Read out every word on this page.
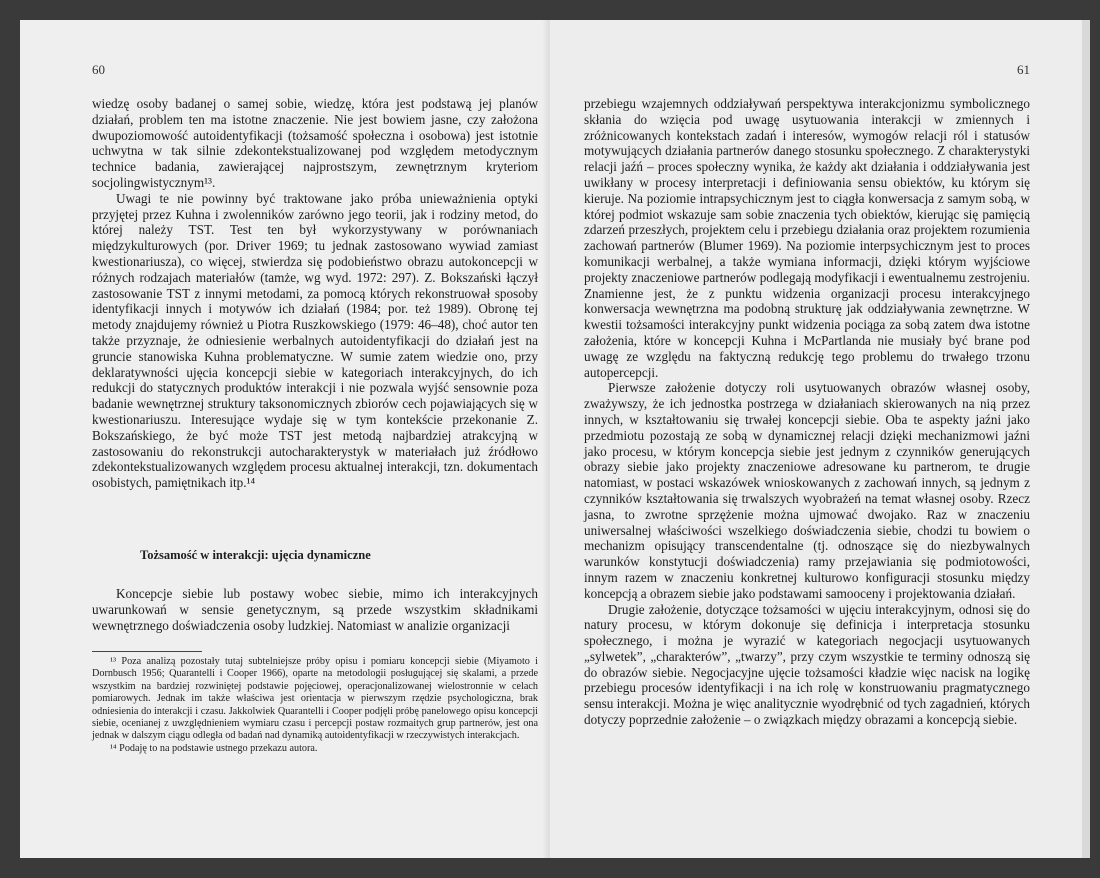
60

wiedzę osoby badanej o samej sobie, wiedzę, która jest podstawą jej planów działań, problem ten ma istotne znaczenie. Nie jest bowiem jasne, czy założona dwupoziomowość autoidentyfikacji (tożsamość społeczna i osobowa) jest istotnie uchwytna w tak silnie zdekontekstualizowanej pod względem metodycznym technice badania, zawierającej najprostszym, zewnętrznym kryteriom socjolingwistycznym¹³.

Uwagi te nie powinny być traktowane jako próba unieważnienia optyki przyjętej przez Kuhna i zwolenników zarówno jego teorii, jak i rodziny metod, do której należy TST. Test ten był wykorzystywany w porównaniach międzykulturowych (por. Driver 1969; tu jednak zastosowano wywiad zamiast kwestionariusza), co więcej, stwierdza się podobieństwo obrazu autokoncepcji w różnych rodzajach materiałów (tamże, wg wyd. 1972: 297). Z. Bokszański łączył zastosowanie TST z innymi metodami, za pomocą których rekonstruował sposoby identyfikacji innych i motywów ich działań (1984; por. też 1989). Obronę tej metody znajdujemy również u Piotra Ruszkowskiego (1979: 46–48), choć autor ten także przyznaje, że odniesienie werbalnych autoidentyfikacji do działań jest na gruncie stanowiska Kuhna problematyczne. W sumie zatem wiedzie ono, przy deklaratywności ujęcia koncepcji siebie w kategoriach interakcyjnych, do ich redukcji do statycznych produktów interakcji i nie pozwala wyjść sensownie poza badanie wewnętrznej struktury taksonomicznych zbiorów cech pojawiających się w kwestionariuszu. Interesujące wydaje się w tym kontekście przekonanie Z. Bokszańskiego, że być może TST jest metodą najbardziej atrakcyjną w zastosowaniu do rekonstrukcji autocharakterystyk w materiałach już źródłowo zdekontekstualizowanych względem procesu aktualnej interakcji, tzn. dokumentach osobistych, pamiętnikach itp.¹⁴

Tożsamość w interakcji: ujęcia dynamiczne

Koncepcje siebie lub postawy wobec siebie, mimo ich interakcyjnych uwarunkowań w sensie genetycznym, są przede wszystkim składnikami wewnętrznego doświadczenia osoby ludzkiej. Natomiast w analizie organizacji

¹³ Poza analizą pozostały tutaj subtelniejsze próby opisu i pomiaru koncepcji siebie (Miyamoto i Dornbusch 1956; Quarantelli i Cooper 1966), oparte na metodologii posługującej się skalami, a przede wszystkim na bardziej rozwiniętej podstawie pojęciowej, operacjonalizowanej wielostronnie w celach pomiarowych. Jednak im także właściwa jest orientacja w pierwszym rzędzie psychologiczna, brak odniesienia do interakcji i czasu. Jakkolwiek Quarantelli i Cooper podjęli próbę panelowego opisu koncepcji siebie, ocenianej z uwzględnieniem wymiaru czasu i percepcji postaw rozmaitych grup partnerów, jest ona jednak w dalszym ciągu odległa od badań nad dynamiką autoidentyfikacji w rzeczywistych interakcjach.

¹⁴ Podaję to na podstawie ustnego przekazu autora.

61

przebiegu wzajemnych oddziaływań perspektywa interakcjonizmu symbolicznego skłania do wzięcia pod uwagę usytuowania interakcji w zmiennych i zróżnicowanych kontekstach zadań i interesów, wymogów relacji ról i statusów motywujących działania partnerów danego stosunku społecznego. Z charakterystyki relacji jaźń – proces społeczny wynika, że każdy akt działania i oddziaływania jest uwikłany w procesy interpretacji i definiowania sensu obiektów, ku którym się kieruje. Na poziomie intrapsychicznym jest to ciągła konwersacja z samym sobą, w której podmiot wskazuje sam sobie znaczenia tych obiektów, kierując się pamięcią zdarzeń przeszłych, projektem celu i przebiegu działania oraz projektem rozumienia zachowań partnerów (Blumer 1969). Na poziomie interpsychicznym jest to proces komunikacji werbalnej, a także wymiana informacji, dzięki którym wyjściowe projekty znaczeniowe partnerów podlegają modyfikacji i ewentualnemu zestrojeniu. Znamienne jest, że z punktu widzenia organizacji procesu interakcyjnego konwersacja wewnętrzna ma podobną strukturę jak oddziaływania zewnętrzne. W kwestii tożsamości interakcyjny punkt widzenia pociąga za sobą zatem dwa istotne założenia, które w koncepcji Kuhna i McPartlanda nie musiały być brane pod uwagę ze względu na faktyczną redukcję tego problemu do trwałego trzonu autopercepcji.

Pierwsze założenie dotyczy roli usytuowanych obrazów własnej osoby, zważywszy, że ich jednostka postrzega w działaniach skierowanych na nią przez innych, w kształtowaniu się trwałej koncepcji siebie. Oba te aspekty jaźni jako przedmiotu pozostają ze sobą w dynamicznej relacji dzięki mechanizmowi jaźni jako procesu, w którym koncepcja siebie jest jednym z czynników generujących obrazy siebie jako projekty znaczeniowe adresowane ku partnerom, te drugie natomiast, w postaci wskazówek wnioskowanych z zachowań innych, są jednym z czynników kształtowania się trwalszych wyobrażeń na temat własnej osoby. Rzecz jasna, to zwrotne sprzężenie można ujmować dwojako. Raz w znaczeniu uniwersalnej właściwości wszelkiego doświadczenia siebie, chodzi tu bowiem o mechanizm opisujący transcendentalne (tj. odnoszące się do niezbywalnych warunków konstytucji doświadczenia) ramy przejawiania się podmiotowości, innym razem w znaczeniu konkretnej kulturowo konfiguracji stosunku między koncepcją a obrazem siebie jako podstawami samooceny i projektowania działań.

Drugie założenie, dotyczące tożsamości w ujęciu interakcyjnym, odnosi się do natury procesu, w którym dokonuje się definicja i interpretacja stosunku społecznego, i można je wyrazić w kategoriach negocjacji usytuowanych „sylwetek”, „charakterów”, „twarzy”, przy czym wszystkie te terminy odnoszą się do obrazów siebie. Negocjacyjne ujęcie tożsamości kładzie więc nacisk na logikę przebiegu procesów identyfikacji i na ich rolę w konstruowaniu pragmatycznego sensu interakcji. Można je więc analitycznie wyodrębnić od tych zagadnień, których dotyczy poprzednie założenie – o związkach między obrazami a koncepcją siebie.
